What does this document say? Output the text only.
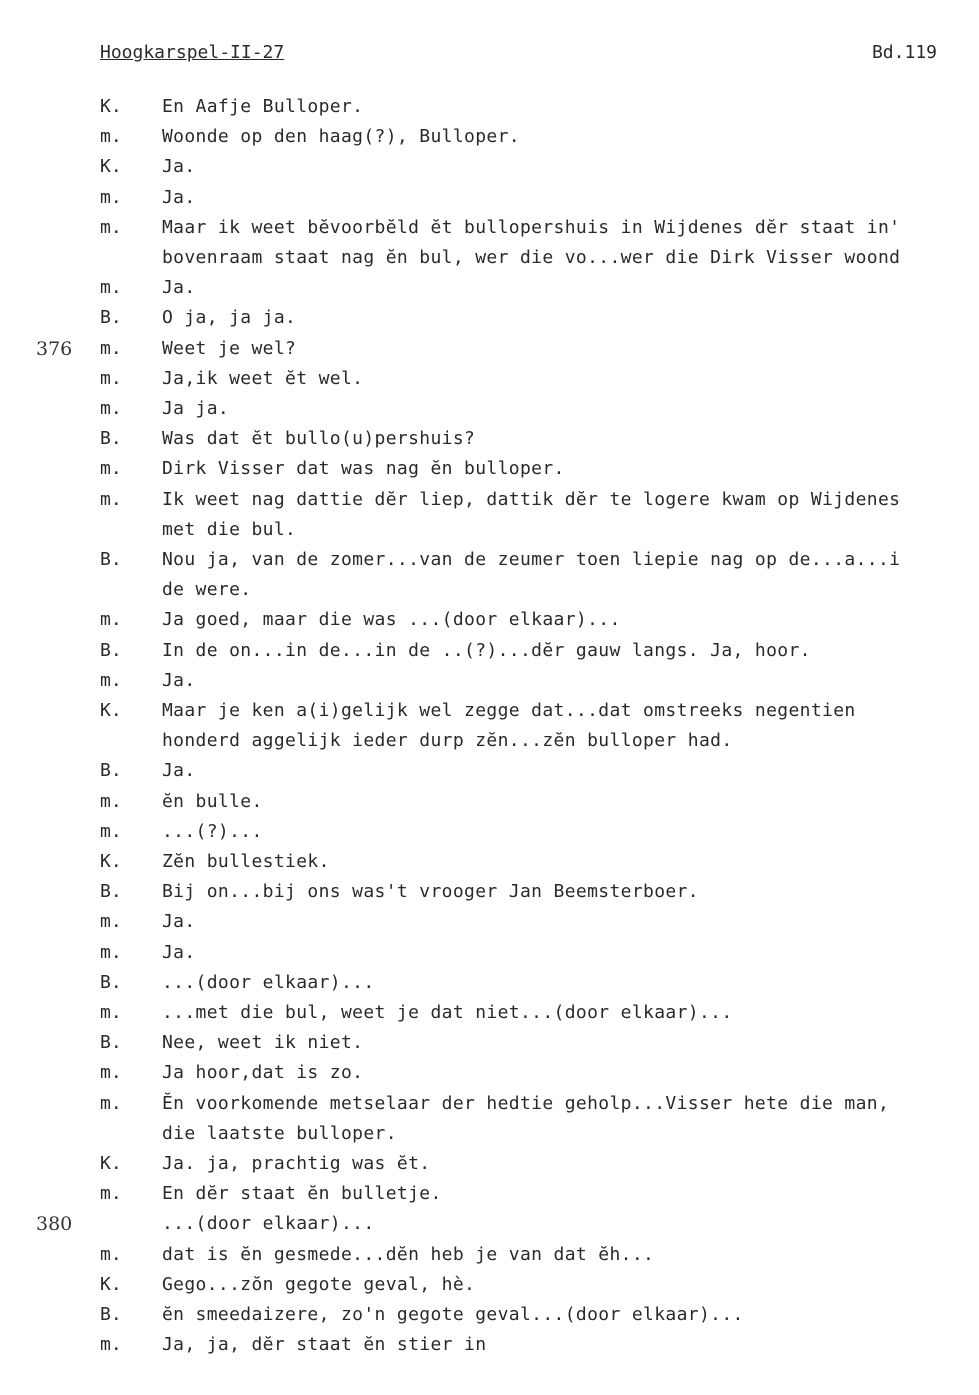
Hoogkarspel-II-27	Bd.119
K. En Aafje Bulloper.
m. Woonde op den haag(?), Bulloper.
K. Ja.
m. Ja.
m. Maar ik weet bĕvoorbĕld ĕt bullopershuis in Wijdenes dĕr staat in'
bovenraam staat nag ĕn bul, wer die vo...wer die Dirk Visser woond
m. Ja.
B. O ja, ja ja.
376 m. Weet je wel?
m. Ja,ik weet ĕt wel.
m. Ja ja.
B. Was dat ĕt bullo(u)pershuis?
m. Dirk Visser dat was nag ĕn bulloper.
m. Ik weet nag dattie dĕr liep, dattik dĕr te logere kwam op Wijdenes
met die bul.
B. Nou ja, van de zomer...van de zeumer toen liepie nag op de...a...i
de were.
m. Ja goed, maar die was ...(door elkaar)...
B. In de on...in de...in de ..(?)...dĕr gauw langs. Ja, hoor.
m. Ja.
K. Maar je ken a(i)gelijk wel zegge dat...dat omstreeks negentien
honderd aggelijk ieder durp zĕn...zĕn bulloper had.
B. Ja.
m. ĕn bulle.
m. ...(?)...
K. Zĕn bullestiek.
B. Bij on...bij ons was't vrooger Jan Beemsterboer.
m. Ja.
m. Ja.
B. ...(door elkaar)...
m. ...met die bul, weet je dat niet...(door elkaar)...
B. Nee, weet ik niet.
m. Ja hoor,dat is zo.
m. Ĕn voorkomende metselaar der hedtie geholp...Visser hete die man,
die laatste bulloper.
K. Ja. ja, prachtig was ĕt.
m. En dĕr staat ĕn bulletje.
380	...(door elkaar)...
m. dat is ĕn gesmede...dĕn heb je van dat ĕh...
K. Gego...zŏn gegote geval, hè.
B. ĕn smeedaizere, zo'n gegote geval...(door elkaar)...
m. Ja, ja, dĕr staat ĕn stier in
